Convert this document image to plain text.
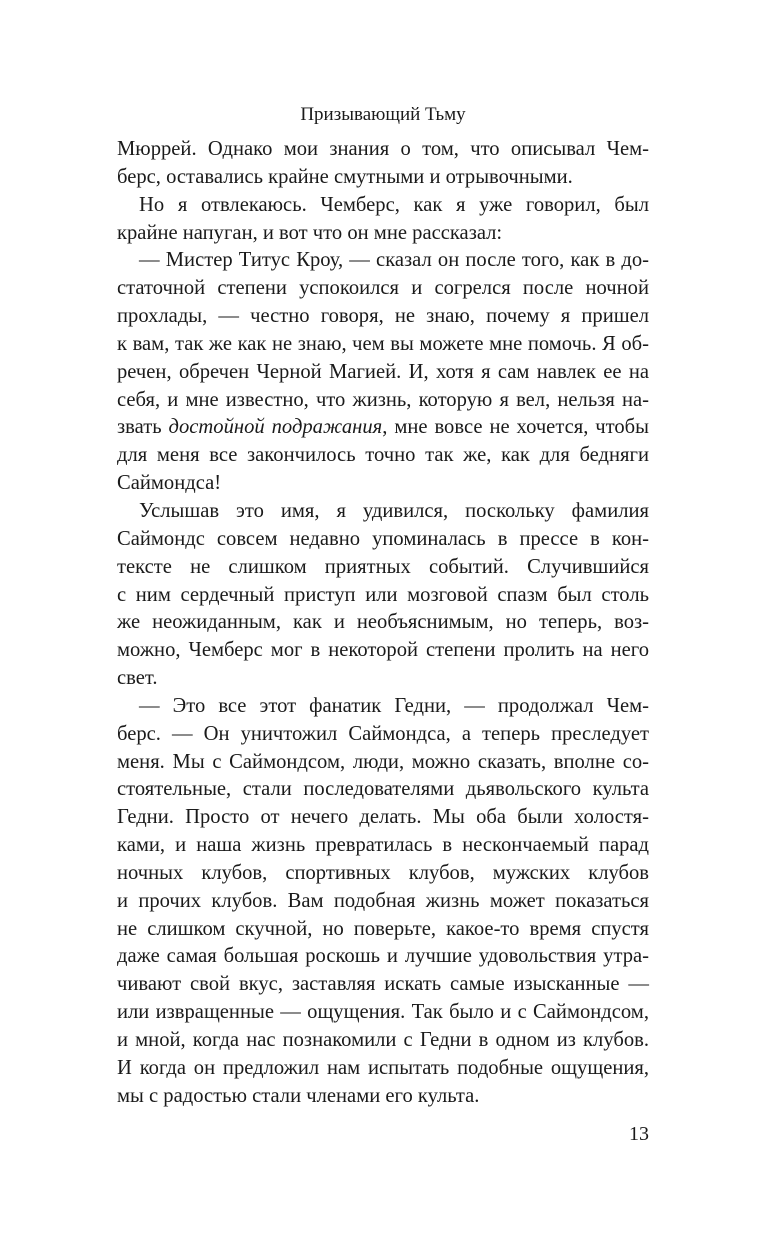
Призывающий Тьму
Мюррей. Однако мои знания о том, что описывал Чем-
берс, оставались крайне смутными и отрывочными.
Но я отвлекаюсь. Чемберс, как я уже говорил, был
крайне напуган, и вот что он мне рассказал:
— Мистер Титус Кроу, — сказал он после того, как в до-
статочной степени успокоился и согрелся после ночной
прохлады, — честно говоря, не знаю, почему я пришел
к вам, так же как не знаю, чем вы можете мне помочь. Я об-
речен, обречен Черной Магией. И, хотя я сам навлек ее на
себя, и мне известно, что жизнь, которую я вел, нельзя на-
звать достойной подражания, мне вовсе не хочется, чтобы
для меня все закончилось точно так же, как для бедняги
Саймондса!
Услышав это имя, я удивился, поскольку фамилия
Саймондс совсем недавно упоминалась в прессе в кон-
тексте не слишком приятных событий. Случившийся
с ним сердечный приступ или мозговой спазм был столь
же неожиданным, как и необъяснимым, но теперь, воз-
можно, Чемберс мог в некоторой степени пролить на него
свет.
— Это все этот фанатик Гедни, — продолжал Чем-
берс. — Он уничтожил Саймондса, а теперь преследует
меня. Мы с Саймондсом, люди, можно сказать, вполне со-
стоятельные, стали последователями дьявольского культа
Гедни. Просто от нечего делать. Мы оба были холостя-
ками, и наша жизнь превратилась в нескончаемый парад
ночных клубов, спортивных клубов, мужских клубов
и прочих клубов. Вам подобная жизнь может показаться
не слишком скучной, но поверьте, какое-то время спустя
даже самая большая роскошь и лучшие удовольствия утра-
чивают свой вкус, заставляя искать самые изысканные —
или извращенные — ощущения. Так было и с Саймондсом,
и мной, когда нас познакомили с Гедни в одном из клубов.
И когда он предложил нам испытать подобные ощущения,
мы с радостью стали членами его культа.
13
